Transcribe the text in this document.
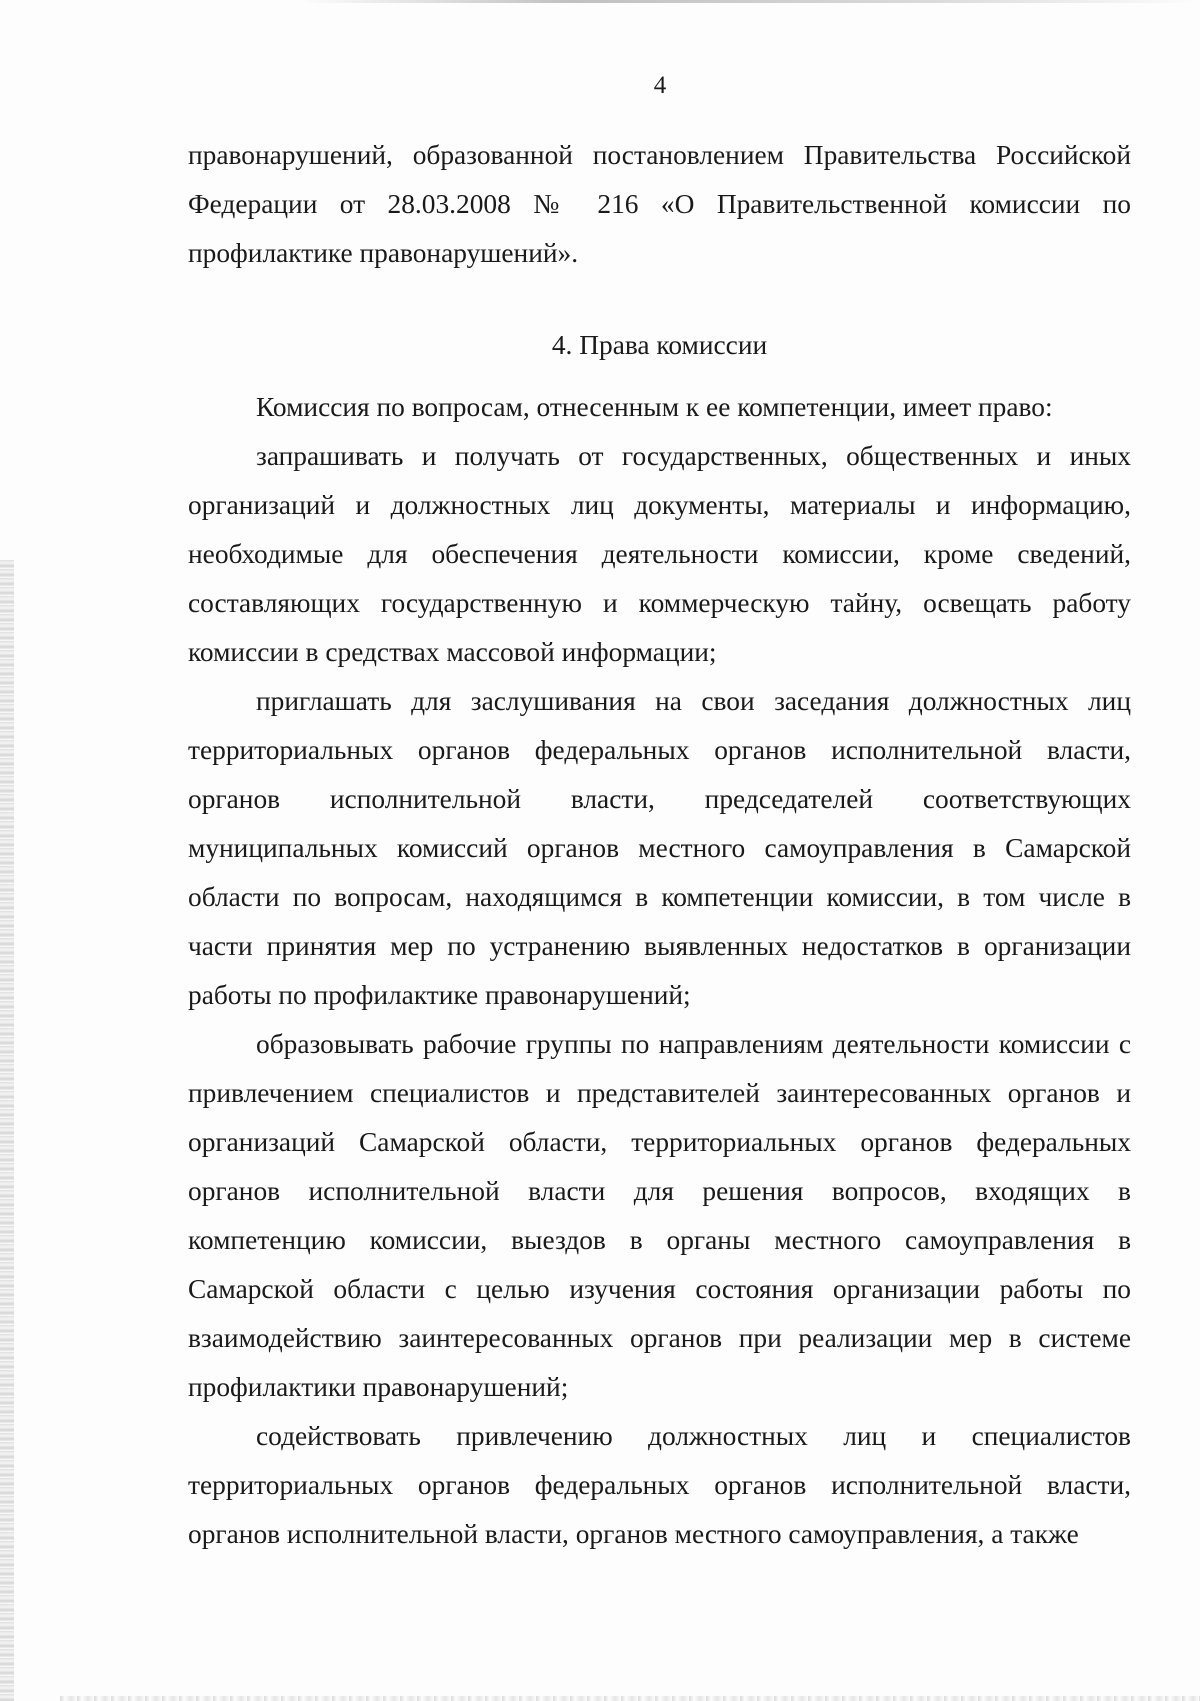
4

правонарушений, образованной постановлением Правительства Российской Федерации от 28.03.2008 № 216 «О Правительственной комиссии по профилактике правонарушений».

4. Права комиссии

Комиссия по вопросам, отнесенным к ее компетенции, имеет право:

запрашивать и получать от государственных, общественных и иных организаций и должностных лиц документы, материалы и информацию, необходимые для обеспечения деятельности комиссии, кроме сведений, составляющих государственную и коммерческую тайну, освещать работу комиссии в средствах массовой информации;

приглашать для заслушивания на свои заседания должностных лиц территориальных органов федеральных органов исполнительной власти, органов исполнительной власти, председателей соответствующих муниципальных комиссий органов местного самоуправления в Самарской области по вопросам, находящимся в компетенции комиссии, в том числе в части принятия мер по устранению выявленных недостатков в организации работы по профилактике правонарушений;

образовывать рабочие группы по направлениям деятельности комиссии с привлечением специалистов и представителей заинтересованных органов и организаций Самарской области, территориальных органов федеральных органов исполнительной власти для решения вопросов, входящих в компетенцию комиссии, выездов в органы местного самоуправления в Самарской области с целью изучения состояния организации работы по взаимодействию заинтересованных органов при реализации мер в системе профилактики правонарушений;

содействовать привлечению должностных лиц и специалистов территориальных органов федеральных органов исполнительной власти, органов исполнительной власти, органов местного самоуправления, а также
